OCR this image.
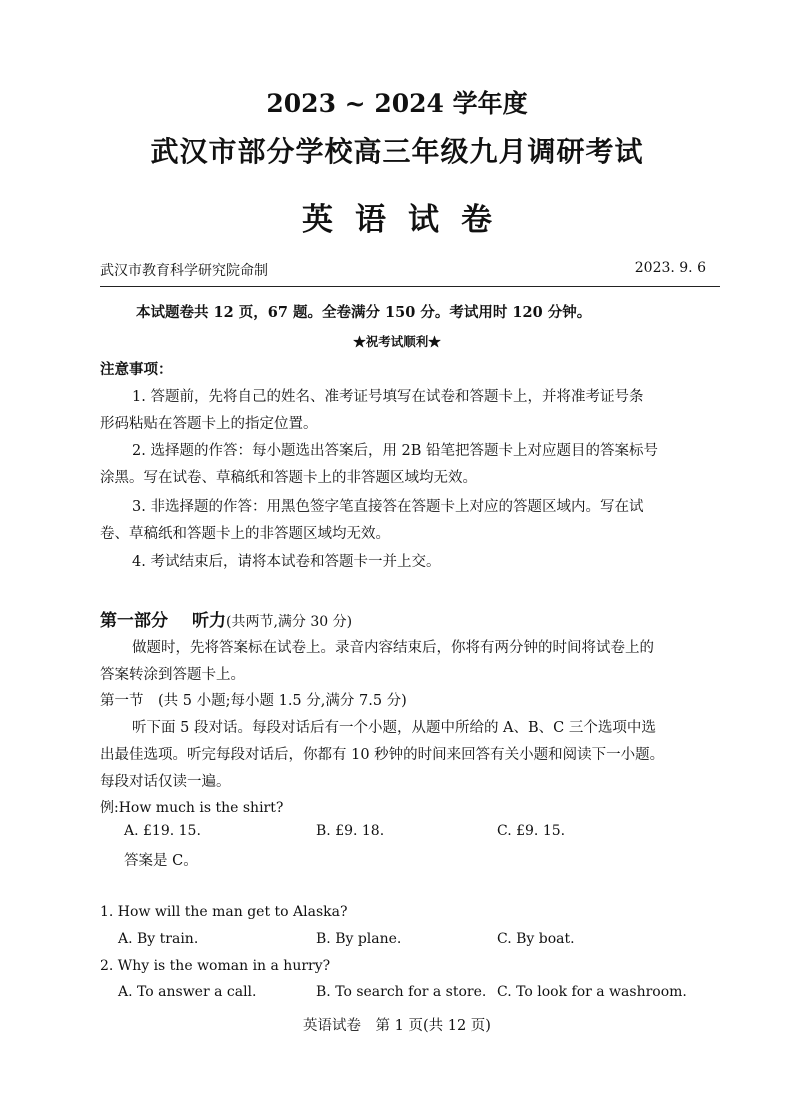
2023 ~ 2024 学年度
武汉市部分学校高三年级九月调研考试
英语试卷
武汉市教育科学研究院命制	2023. 9. 6
本试题卷共 12 页，67 题。全卷满分 150 分。考试用时 120 分钟。
★祝考试顺利★
注意事项：
1. 答题前，先将自己的姓名、准考证号填写在试卷和答题卡上，并将准考证号条
形码粘贴在答题卡上的指定位置。
2. 选择题的作答：每小题选出答案后，用 2B 铅笔把答题卡上对应题目的答案标号
涂黑。写在试卷、草稿纸和答题卡上的非答题区域均无效。
3. 非选择题的作答：用黑色签字笔直接答在答题卡上对应的答题区域内。写在试
卷、草稿纸和答题卡上的非答题区域均无效。
4. 考试结束后，请将本试卷和答题卡一并上交。
第一部分 听力(共两节,满分 30 分)
做题时，先将答案标在试卷上。录音内容结束后，你将有两分钟的时间将试卷上的
答案转涂到答题卡上。
第一节　(共 5 小题;每小题 1.5 分,满分 7.5 分)
听下面 5 段对话。每段对话后有一个小题，从题中所给的 A、B、C 三个选项中选
出最佳选项。听完每段对话后，你都有 10 秒钟的时间来回答有关小题和阅读下一小题。
每段对话仅读一遍。
例:How much is the shirt?
A. £19. 15.	B. £9. 18.	C. £9. 15.
答案是 C。
1. How will the man get to Alaska?
A. By train.	B. By plane.	C. By boat.
2. Why is the woman in a hurry?
A. To answer a call.	B. To search for a store. C. To look for a washroom.
英语试卷　第 1 页(共 12 页)
